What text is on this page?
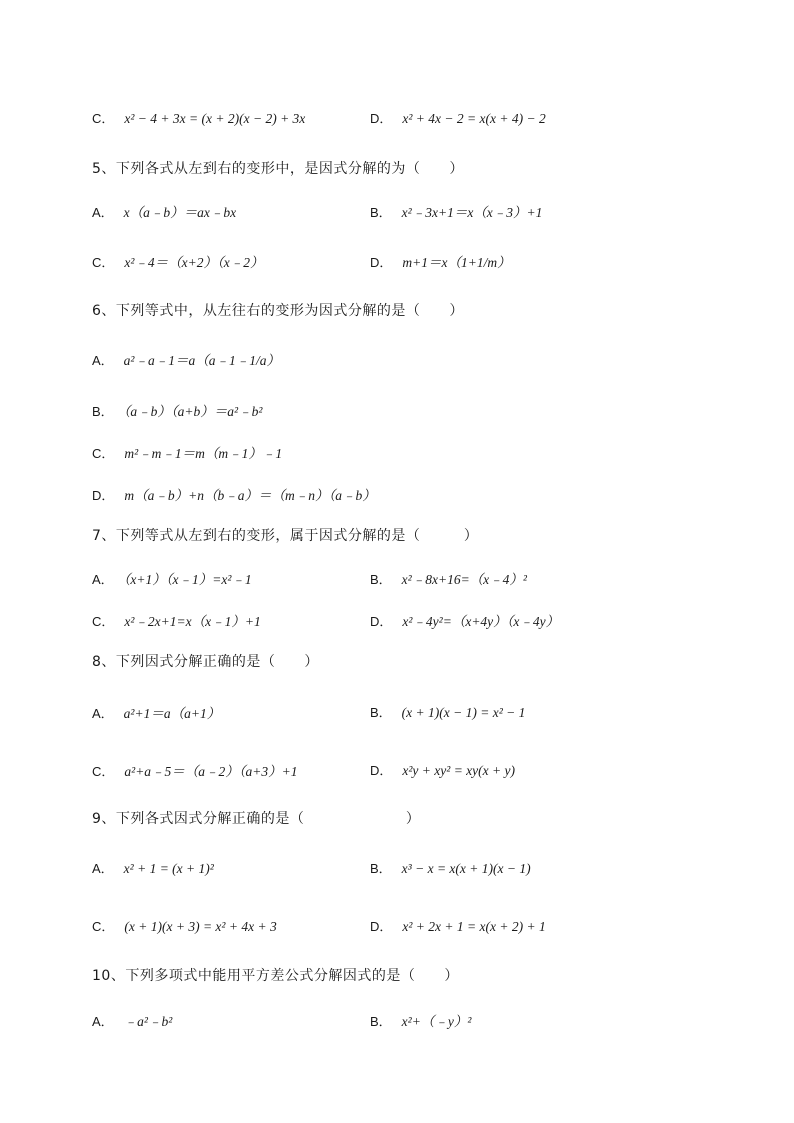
C． x² − 4 + 3x = (x + 2)(x − 2) + 3x	D． x² + 4x − 2 = x(x + 4) − 2
5、下列各式从左到右的变形中，是因式分解的为（　　）
A． x（a﹣b）＝ax﹣bx	B． x²﹣3x+1＝x（x﹣3）+1
C． x²﹣4＝（x+2）（x﹣2）	D． m+1＝x（1+1/m）
6、下列等式中，从左往右的变形为因式分解的是（　　）
A． a²﹣a﹣1＝a（a﹣1﹣1/a）
B． （a﹣b）（a+b）＝a²﹣b²
C． m²﹣m﹣1＝m（m﹣1）﹣1
D． m（a﹣b）+n（b﹣a）＝（m﹣n）（a﹣b）
7、下列等式从左到右的变形，属于因式分解的是（　　　）
A． （x+1）（x﹣1）=x²﹣1	B． x²﹣8x+16=（x﹣4）²
C． x²﹣2x+1=x（x﹣1）+1	D． x²﹣4y²=（x+4y）（x﹣4y）
8、下列因式分解正确的是（　　）
A． a²+1＝a（a+1）	B． (x + 1)(x − 1) = x² − 1
C． a²+a﹣5＝（a﹣2）（a+3）+1	D． x²y + xy² = xy(x + y)
9、下列各式因式分解正确的是（　　　　　　　）
A． x² + 1 = (x + 1)²	B． x³ − x = x(x + 1)(x − 1)
C． (x + 1)(x + 3) = x² + 4x + 3	D． x² + 2x + 1 = x(x + 2) + 1
10、下列多项式中能用平方差公式分解因式的是（　　）
A． ﹣a²﹣b²	B． x²+（﹣y）²
